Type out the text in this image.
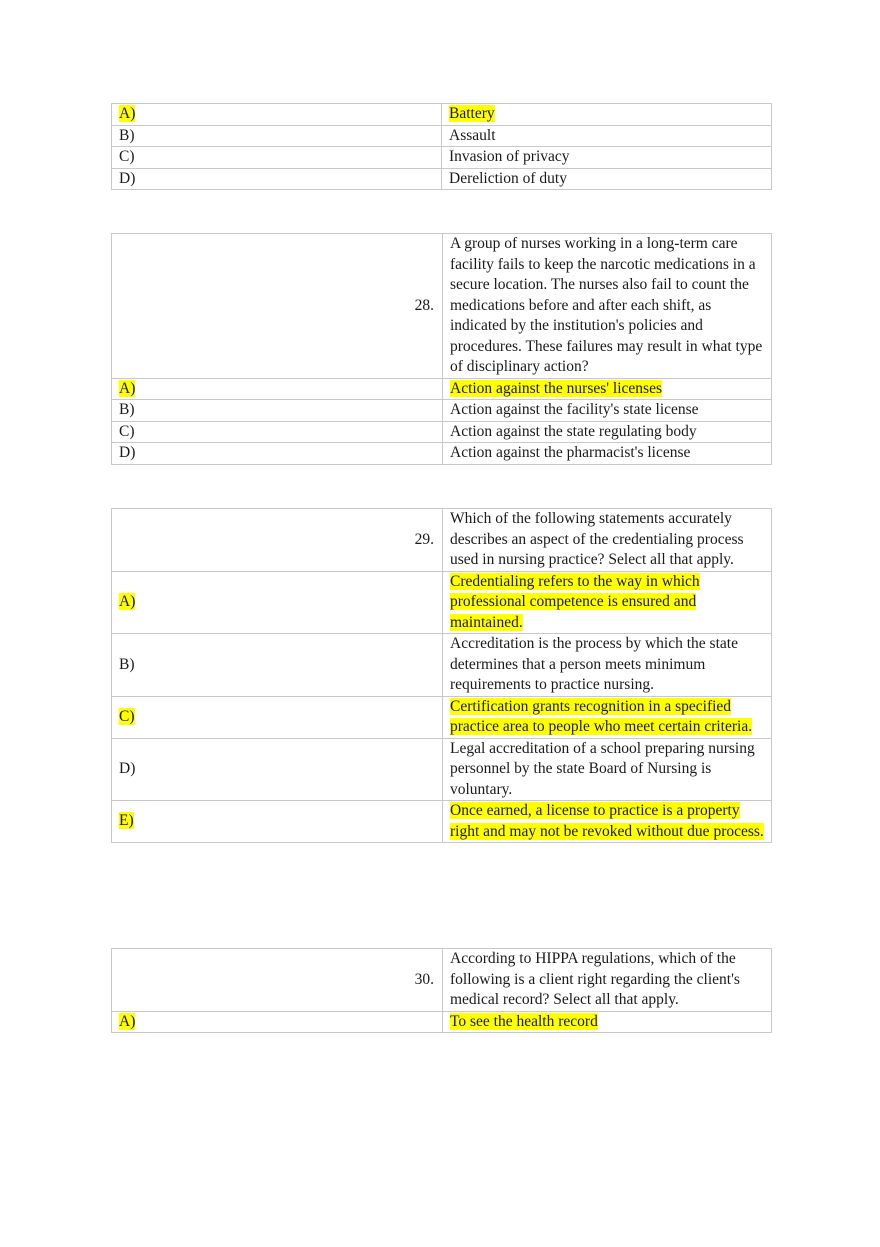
A)	Battery
B)	Assault
C)	Invasion of privacy
D)	Dereliction of duty
28.	A group of nurses working in a long-term care facility fails to keep the narcotic medications in a secure location. The nurses also fail to count the medications before and after each shift, as indicated by the institution's policies and procedures. These failures may result in what type of disciplinary action?
A)	Action against the nurses' licenses
B)	Action against the facility's state license
C)	Action against the state regulating body
D)	Action against the pharmacist's license
29.	Which of the following statements accurately describes an aspect of the credentialing process used in nursing practice? Select all that apply.
A)	Credentialing refers to the way in which professional competence is ensured and maintained.
B)	Accreditation is the process by which the state determines that a person meets minimum requirements to practice nursing.
C)	Certification grants recognition in a specified practice area to people who meet certain criteria.
D)	Legal accreditation of a school preparing nursing personnel by the state Board of Nursing is voluntary.
E)	Once earned, a license to practice is a property right and may not be revoked without due process.
30.	According to HIPPA regulations, which of the following is a client right regarding the client's medical record? Select all that apply.
A)	To see the health record
